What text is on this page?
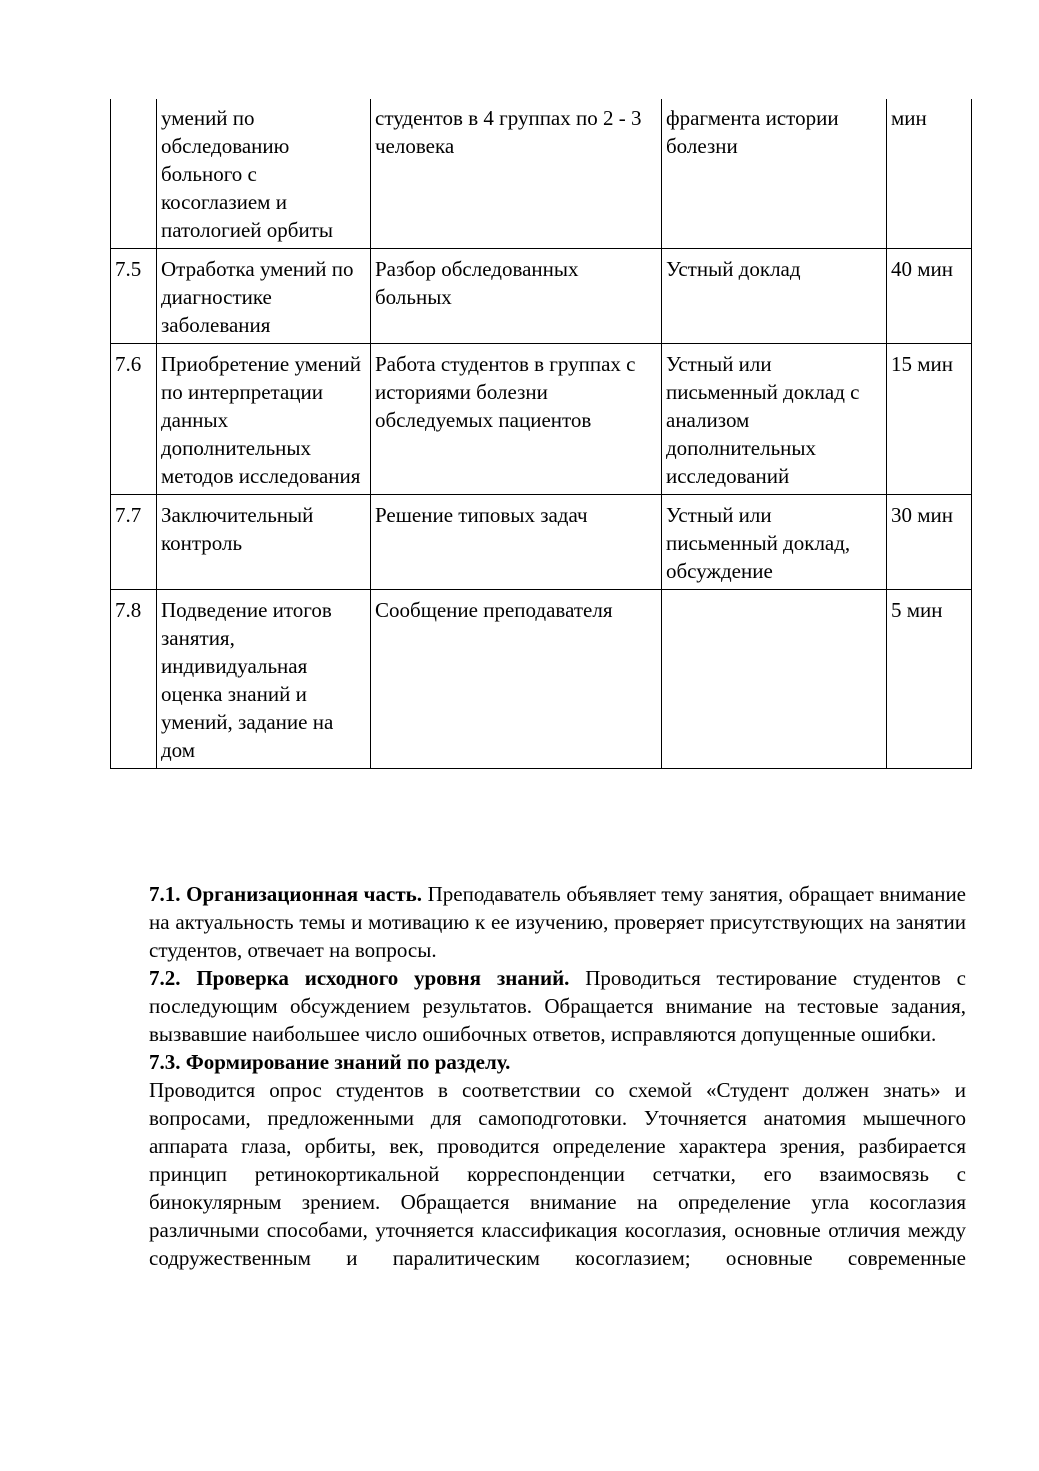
	умений по обследованию больного с косоглазием и патологией орбиты	студентов в 4 группах по 2 - 3 человека	фрагмента истории болезни	мин
7.5	Отработка умений по диагностике заболевания	Разбор обследованных больных	Устный доклад	40 мин
7.6	Приобретение умений по интерпретации данных дополнительных методов исследования	Работа студентов в группах с историями болезни обследуемых пациентов	Устный или письменный доклад с анализом дополнительных исследований	15 мин
7.7	Заключительный контроль	Решение типовых задач	Устный или письменный доклад, обсуждение	30 мин
7.8	Подведение итогов занятия, индивидуальная оценка знаний и умений, задание на дом	Сообщение преподавателя		5 мин

7.1. Организационная часть. Преподаватель объявляет тему занятия, обращает внимание на актуальность темы и мотивацию к ее изучению, проверяет присутствующих на занятии студентов, отвечает на вопросы.

7.2. Проверка исходного уровня знаний. Проводиться тестирование студентов с последующим обсуждением результатов. Обращается внимание на тестовые задания, вызвавшие наибольшее число ошибочных ответов, исправляются допущенные ошибки.

7.3. Формирование знаний по разделу.

Проводится опрос студентов в соответствии со схемой «Студент должен знать» и вопросами, предложенными для самоподготовки. Уточняется анатомия мышечного аппарата глаза, орбиты, век, проводится определение характера зрения, разбирается принцип ретинокортикальной корреспонденции сетчатки, его взаимосвязь с бинокулярным зрением. Обращается внимание на определение угла косоглазия различными способами, уточняется классификация косоглазия, основные отличия между содружественным и паралитическим косоглазием; основные современные
